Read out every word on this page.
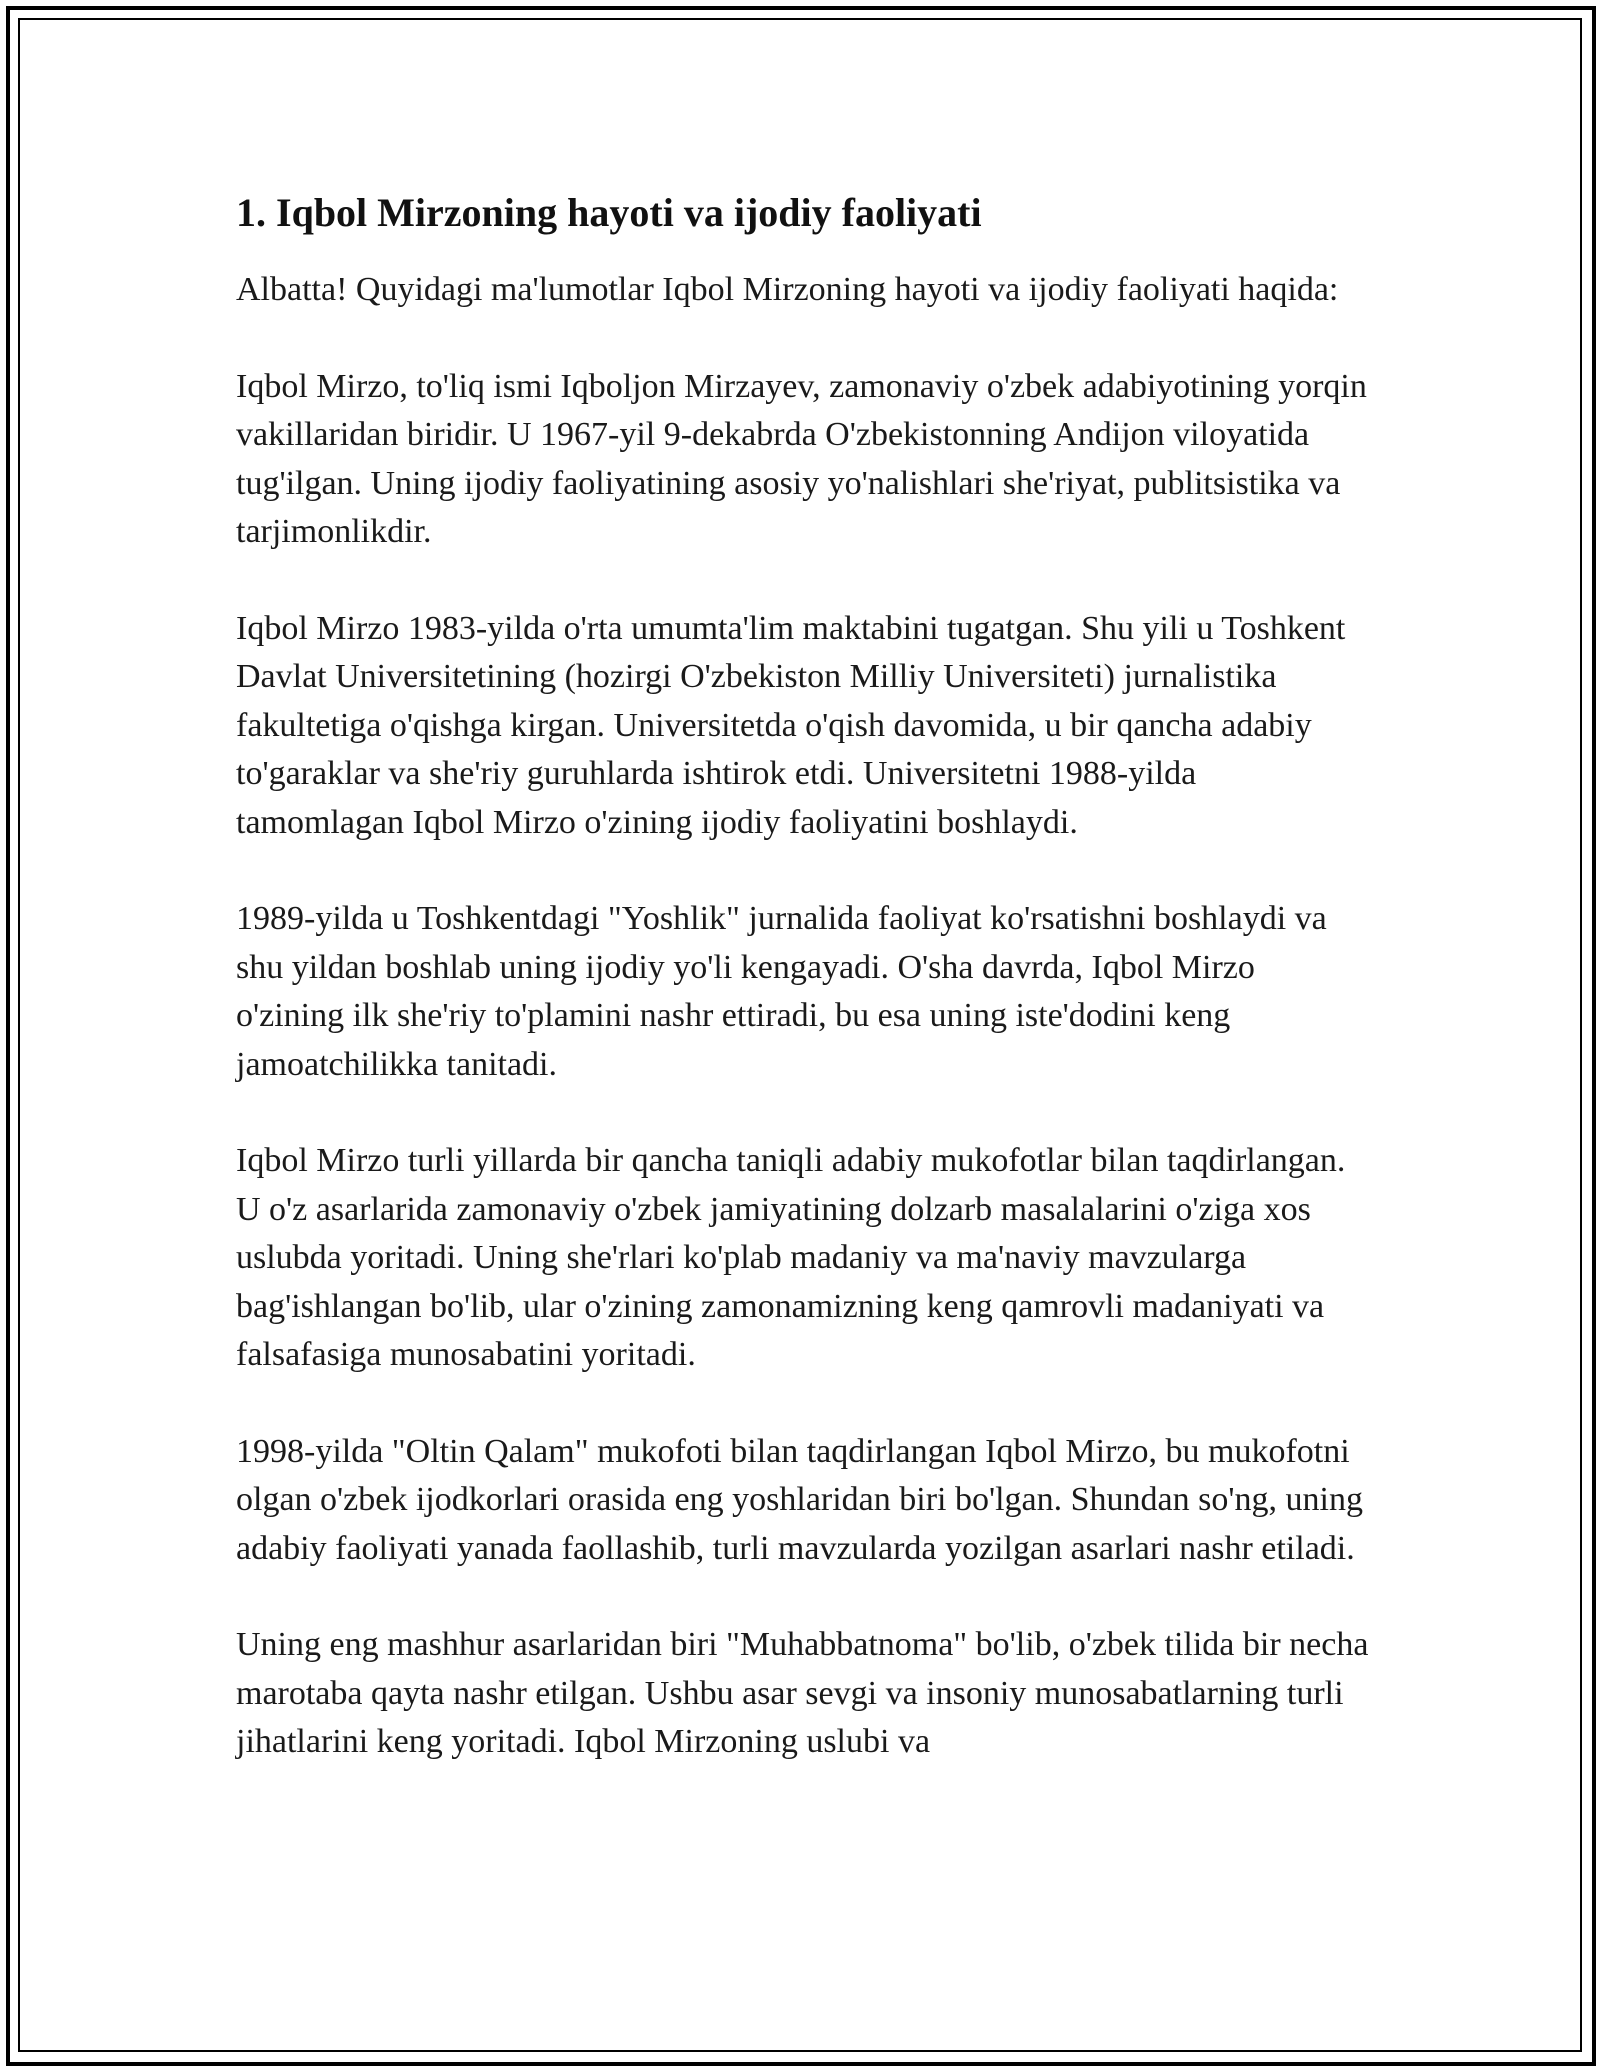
1. Iqbol Mirzoning hayoti va ijodiy faoliyati

Albatta! Quyidagi ma'lumotlar Iqbol Mirzoning hayoti va ijodiy faoliyati haqida:

Iqbol Mirzo, to'liq ismi Iqboljon Mirzayev, zamonaviy o'zbek adabiyotining yorqin vakillaridan biridir. U 1967-yil 9-dekabrda O'zbekistonning Andijon viloyatida tug'ilgan. Uning ijodiy faoliyatining asosiy yo'nalishlari she'riyat, publitsistika va tarjimonlikdir.

Iqbol Mirzo 1983-yilda o'rta umumta'lim maktabini tugatgan. Shu yili u Toshkent Davlat Universitetining (hozirgi O'zbekiston Milliy Universiteti) jurnalistika fakultetiga o'qishga kirgan. Universitetda o'qish davomida, u bir qancha adabiy to'garaklar va she'riy guruhlarda ishtirok etdi. Universitetni 1988-yilda tamomlagan Iqbol Mirzo o'zining ijodiy faoliyatini boshlaydi.

1989-yilda u Toshkentdagi "Yoshlik" jurnalida faoliyat ko'rsatishni boshlaydi va shu yildan boshlab uning ijodiy yo'li kengayadi. O'sha davrda, Iqbol Mirzo o'zining ilk she'riy to'plamini nashr ettiradi, bu esa uning iste'dodini keng jamoatchilikka tanitadi.

Iqbol Mirzo turli yillarda bir qancha taniqli adabiy mukofotlar bilan taqdirlangan. U o'z asarlarida zamonaviy o'zbek jamiyatining dolzarb masalalarini o'ziga xos uslubda yoritadi. Uning she'rlari ko'plab madaniy va ma'naviy mavzularga bag'ishlangan bo'lib, ular o'zining zamonamizning keng qamrovli madaniyati va falsafasiga munosabatini yoritadi.

1998-yilda "Oltin Qalam" mukofoti bilan taqdirlangan Iqbol Mirzo, bu mukofotni olgan o'zbek ijodkorlari orasida eng yoshlaridan biri bo'lgan. Shundan so'ng, uning adabiy faoliyati yanada faollashib, turli mavzularda yozilgan asarlari nashr etiladi.

Uning eng mashhur asarlaridan biri "Muhabbatnoma" bo'lib, o'zbek tilida bir necha marotaba qayta nashr etilgan. Ushbu asar sevgi va insoniy munosabatlarning turli jihatlarini keng yoritadi. Iqbol Mirzoning uslubi va
